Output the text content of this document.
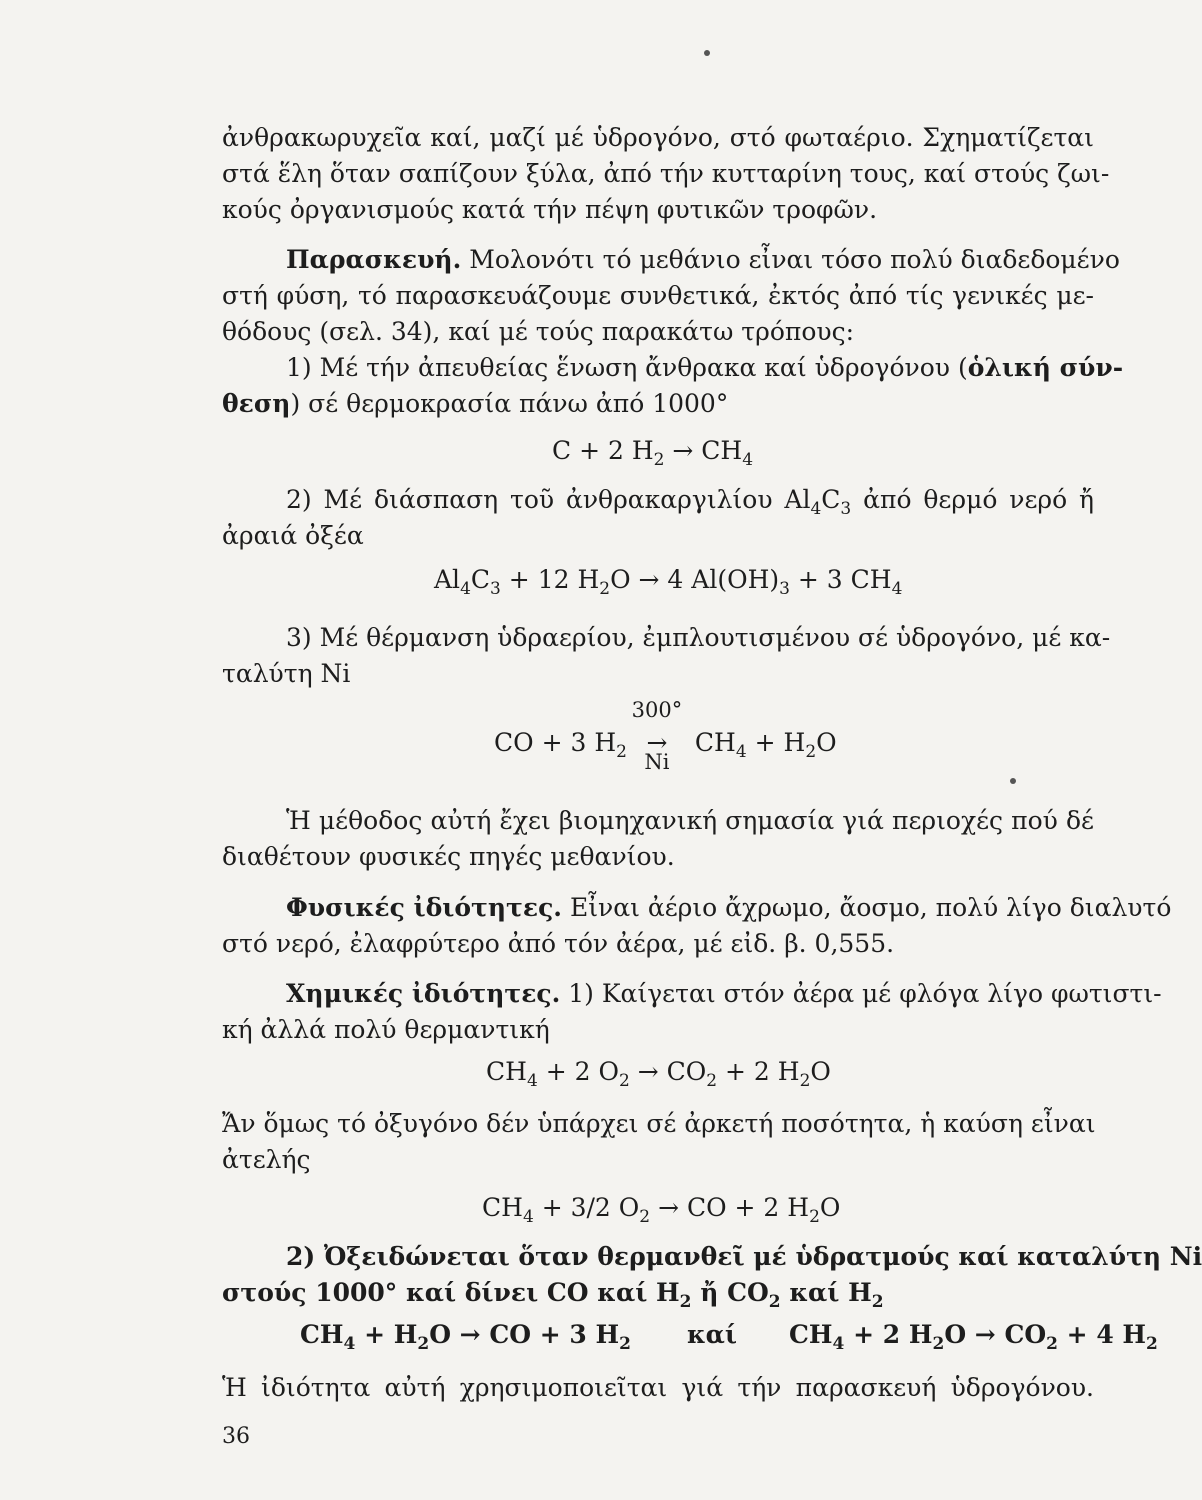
ἀνθρακωρυχεῖα καί, μαζί μέ ὑδρογόνο, στό φωταέριο. Σχηματίζεται
στά ἕλη ὅταν σαπίζουν ξύλα, ἀπό τήν κυτταρίνη τους, καί στούς ζωι-
κούς ὀργανισμούς κατά τήν πέψη φυτικῶν τροφῶν.
Παρασκευή. Μολονότι τό μεθάνιο εἶναι τόσο πολύ διαδεδομένο
στή φύση, τό παρασκευάζουμε συνθετικά, ἐκτός ἀπό τίς γενικές με-
θόδους (σελ. 34), καί μέ τούς παρακάτω τρόπους:
1) Μέ τήν ἀπευθείας ἕνωση ἄνθρακα καί ὑδρογόνου (ὁλική σύν-
θεση) σέ θερμοκρασία πάνω ἀπό 1000°
C + 2 $H_2 \to CH_4$
2) Μέ διάσπαση τοῦ ἀνθρακαργιλίου $Al_4C_3$ ἀπό θερμό νερό ἤ
ἀραιά ὀξέα
$Al_4C_3 + 12$ $H_2O \to 4$ $Al(OH)_3 + 3$ $CH_4$
3) Μέ θέρμανση ὑδραερίου, ἐμπλουτισμένου σέ ὑδρογόνο, μέ κα-
ταλύτη Ni
CO + 3 $H_2$
300°
→
Ni
$CH_4 + H_2O$
Ἡ μέθοδος αὐτή ἔχει βιομηχανική σημασία γιά περιοχές πού δέ
διαθέτουν φυσικές πηγές μεθανίου.
Φυσικές ἰδιότητες. Εἶναι ἀέριο ἄχρωμο, ἄοσμο, πολύ λίγο διαλυτό
στό νερό, ἐλαφρύτερο ἀπό τόν ἀέρα, μέ εἰδ. β. 0,555.
Χημικές ἰδιότητες. 1) Καίγεται στόν ἀέρα μέ φλόγα λίγο φωτιστι-
κή ἀλλά πολύ θερμαντική
$CH_4 + 2$ $O_2 \to CO_2 + 2$ $H_2O$
Ἄν ὅμως τό ὀξυγόνο δέν ὑπάρχει σέ ἀρκετή ποσότητα, ἡ καύση εἶναι
ἀτελής
$CH_4 + 3/2$ $O_2$ → CO + 2 $H_2O$
2) Ὀξειδώνεται ὅταν θερμανθεῖ μέ ὑδρατμούς καί καταλύτη Ni
στούς 1000° καί δίνει CO καί $H_2$ ἤ $CO_2$ καί $H_2$
$CH_4 + H_2O$ → CO + 3 $H_2$ καί $CH_4 + 2$ $H_2O \to CO_2 + 4$ $H_2$
Ἡ ἰδιότητα αὐτή χρησιμοποιεῖται γιά τήν παρασκευή ὑδρογόνου.
36
